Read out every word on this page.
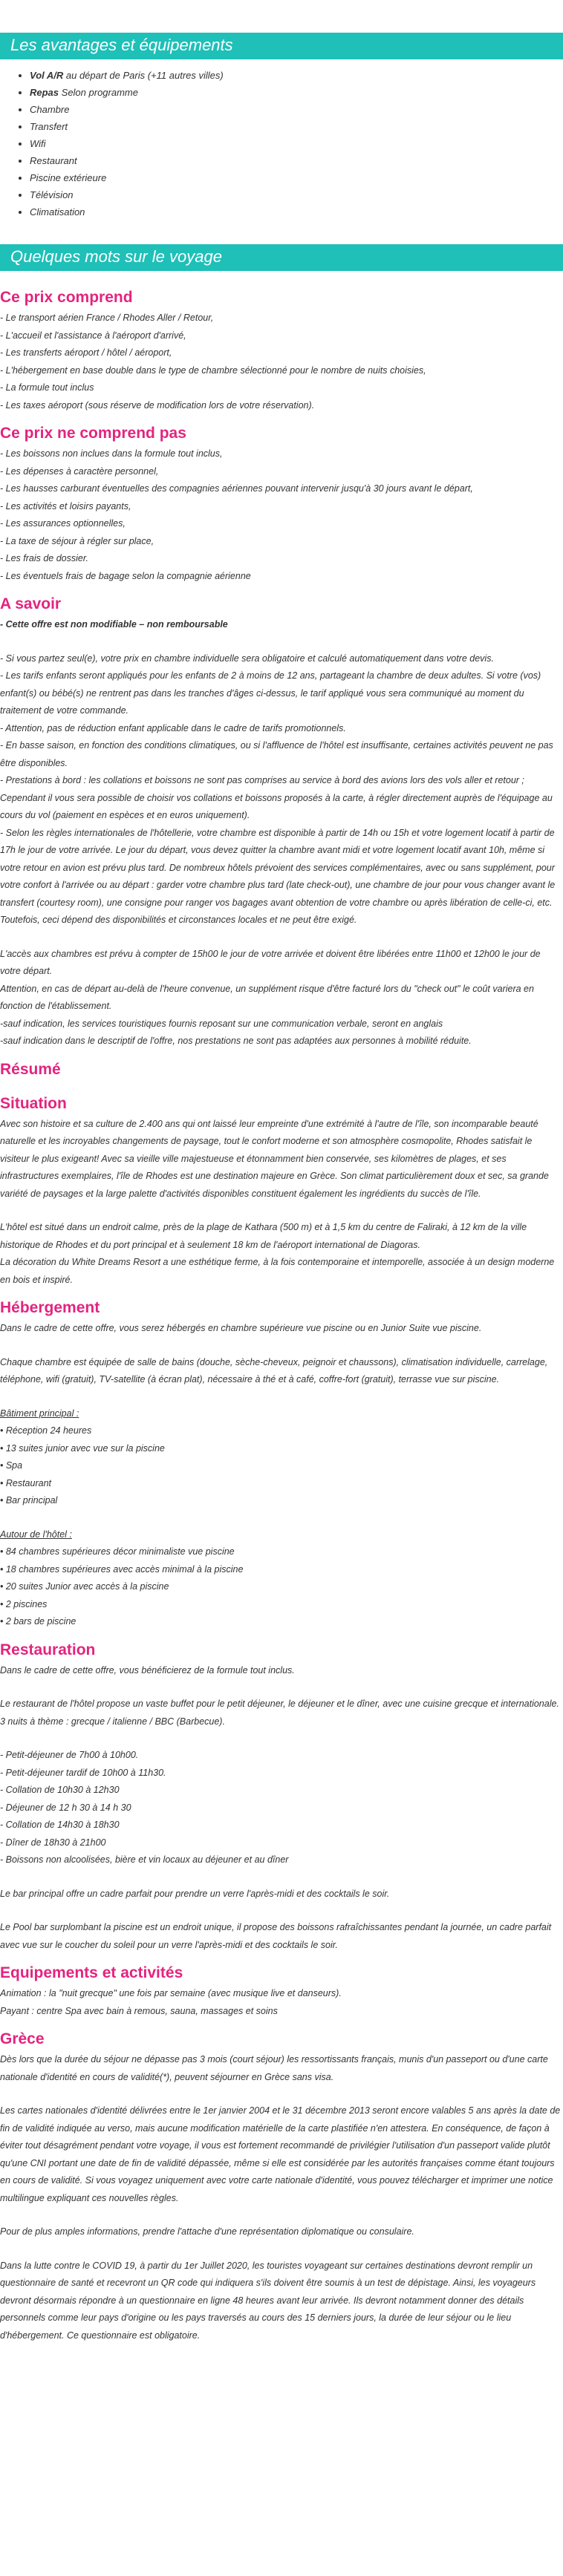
Les avantages et équipements
• Vol A/R au départ de Paris (+11 autres villes)
• Repas Selon programme
• Chambre
• Transfert
• Wifi
• Restaurant
• Piscine extérieure
• Télévision
• Climatisation
Quelques mots sur le voyage
Ce prix comprend
- Le transport aérien France / Rhodes Aller / Retour,
- L'accueil et l'assistance à l'aéroport d'arrivé,
- Les transferts aéroport / hôtel / aéroport,
- L'hébergement en base double dans le type de chambre sélectionné pour le nombre de nuits choisies,
- La formule tout inclus
- Les taxes aéroport (sous réserve de modification lors de votre réservation).
Ce prix ne comprend pas
- Les boissons non inclues dans la formule tout inclus,
- Les dépenses à caractère personnel,
- Les hausses carburant éventuelles des compagnies aériennes pouvant intervenir jusqu'à 30 jours avant le départ,
- Les activités et loisirs payants,
- Les assurances optionnelles,
- La taxe de séjour à régler sur place,
- Les frais de dossier.
- Les éventuels frais de bagage selon la compagnie aérienne
A savoir
- Cette offre est non modifiable – non remboursable
- Si vous partez seul(e), votre prix en chambre individuelle sera obligatoire et calculé automatiquement dans votre devis.
- Les tarifs enfants seront appliqués pour les enfants de 2 à moins de 12 ans, partageant la chambre de deux adultes. Si votre (vos) enfant(s) ou bébé(s) ne rentrent pas dans les tranches d'âges ci-dessus, le tarif appliqué vous sera communiqué au moment du traitement de votre commande.
- Attention, pas de réduction enfant applicable dans le cadre de tarifs promotionnels.
- En basse saison, en fonction des conditions climatiques, ou si l'affluence de l'hôtel est insuffisante, certaines activités peuvent ne pas être disponibles.
- Prestations à bord : les collations et boissons ne sont pas comprises au service à bord des avions lors des vols aller et retour ; Cependant il vous sera possible de choisir vos collations et boissons proposés à la carte, à régler directement auprès de l'équipage au cours du vol (paiement en espèces et en euros uniquement).
- Selon les règles internationales de l'hôtellerie, votre chambre est disponible à partir de 14h ou 15h et votre logement locatif à partir de 17h le jour de votre arrivée. Le jour du départ, vous devez quitter la chambre avant midi et votre logement locatif avant 10h, même si votre retour en avion est prévu plus tard. De nombreux hôtels prévoient des services complémentaires, avec ou sans supplément, pour votre confort à l'arrivée ou au départ : garder votre chambre plus tard (late check-out), une chambre de jour pour vous changer avant le transfert (courtesy room), une consigne pour ranger vos bagages avant obtention de votre chambre ou après libération de celle-ci, etc. Toutefois, ceci dépend des disponibilités et circonstances locales et ne peut être exigé.
L'accès aux chambres est prévu à compter de 15h00 le jour de votre arrivée et doivent être libérées entre 11h00 et 12h00 le jour de votre départ.
Attention, en cas de départ au-delà de l'heure convenue, un supplément risque d'être facturé lors du "check out" le coût variera en fonction de l'établissement.
-sauf indication, les services touristiques fournis reposant sur une communication verbale, seront en anglais
-sauf indication dans le descriptif de l'offre, nos prestations ne sont pas adaptées aux personnes à mobilité réduite.
Résumé
Situation
Avec son histoire et sa culture de 2.400 ans qui ont laissé leur empreinte d'une extrémité à l'autre de l'île, son incomparable beauté naturelle et les incroyables changements de paysage, tout le confort moderne et son atmosphère cosmopolite, Rhodes satisfait le visiteur le plus exigeant! Avec sa vieille ville majestueuse et étonnamment bien conservée, ses kilomètres de plages, et ses infrastructures exemplaires, l'île de Rhodes est une destination majeure en Grèce. Son climat particulièrement doux et sec, sa grande variété de paysages et la large palette d'activités disponibles constituent également les ingrédients du succès de l'île.
L'hôtel est situé dans un endroit calme, près de la plage de Kathara (500 m) et à 1,5 km du centre de Faliraki, à 12 km de la ville historique de Rhodes et du port principal et à seulement 18 km de l'aéroport international de Diagoras.
La décoration du White Dreams Resort a une esthétique ferme, à la fois contemporaine et intemporelle, associée à un design moderne en bois et inspiré.
Hébergement
Dans le cadre de cette offre, vous serez hébergés en chambre supérieure vue piscine ou en Junior Suite vue piscine.
Chaque chambre est équipée de salle de bains (douche, sèche-cheveux, peignoir et chaussons), climatisation individuelle, carrelage, téléphone, wifi (gratuit), TV-satellite (à écran plat), nécessaire à thé et à café, coffre-fort (gratuit), terrasse vue sur piscine.
Bâtiment principal :
• Réception 24 heures
• 13 suites junior avec vue sur la piscine
• Spa
• Restaurant
• Bar principal
Autour de l'hôtel :
• 84 chambres supérieures décor minimaliste vue piscine
• 18 chambres supérieures avec accès minimal à la piscine
• 20 suites Junior avec accès à la piscine
• 2 piscines
• 2 bars de piscine
Restauration
Dans le cadre de cette offre, vous bénéficierez de la formule tout inclus.
Le restaurant de l'hôtel propose un vaste buffet pour le petit déjeuner, le déjeuner et le dîner, avec une cuisine grecque et internationale.
3 nuits à thème : grecque / italienne / BBC (Barbecue).
- Petit-déjeuner de 7h00 à 10h00.
- Petit-déjeuner tardif de 10h00 à 11h30.
- Collation de 10h30 à 12h30
- Déjeuner de 12 h 30 à 14 h 30
- Collation de 14h30 à 18h30
- Dîner de 18h30 à 21h00
- Boissons non alcoolisées, bière et vin locaux au déjeuner et au dîner
Le bar principal offre un cadre parfait pour prendre un verre l'après-midi et des cocktails le soir.
Le Pool bar surplombant la piscine est un endroit unique, il propose des boissons rafraîchissantes pendant la journée, un cadre parfait avec vue sur le coucher du soleil pour un verre l'après-midi et des cocktails le soir.
Equipements et activités
Animation : la "nuit grecque" une fois par semaine (avec musique live et danseurs).
Payant : centre Spa avec bain à remous, sauna, massages et soins
Grèce
Dès lors que la durée du séjour ne dépasse pas 3 mois (court séjour) les ressortissants français, munis d'un passeport ou d'une carte nationale d'identité en cours de validité(*), peuvent séjourner en Grèce sans visa.
Les cartes nationales d'identité délivrées entre le 1er janvier 2004 et le 31 décembre 2013 seront encore valables 5 ans après la date de fin de validité indiquée au verso, mais aucune modification matérielle de la carte plastifiée n'en attestera. En conséquence, de façon à éviter tout désagrément pendant votre voyage, il vous est fortement recommandé de privilégier l'utilisation d'un passeport valide plutôt qu'une CNI portant une date de fin de validité dépassée, même si elle est considérée par les autorités françaises comme étant toujours en cours de validité. Si vous voyagez uniquement avec votre carte nationale d'identité, vous pouvez télécharger et imprimer une notice multilingue expliquant ces nouvelles règles.
Pour de plus amples informations, prendre l'attache d'une représentation diplomatique ou consulaire.
Dans la lutte contre le COVID 19, à partir du 1er Juillet 2020, les touristes voyageant sur certaines destinations devront remplir un questionnaire de santé et recevront un QR code qui indiquera s'ils doivent être soumis à un test de dépistage. Ainsi, les voyageurs devront désormais répondre à un questionnaire en ligne 48 heures avant leur arrivée. Ils devront notamment donner des détails personnels comme leur pays d'origine ou les pays traversés au cours des 15 derniers jours, la durée de leur séjour ou le lieu d'hébergement. Ce questionnaire est obligatoire.
